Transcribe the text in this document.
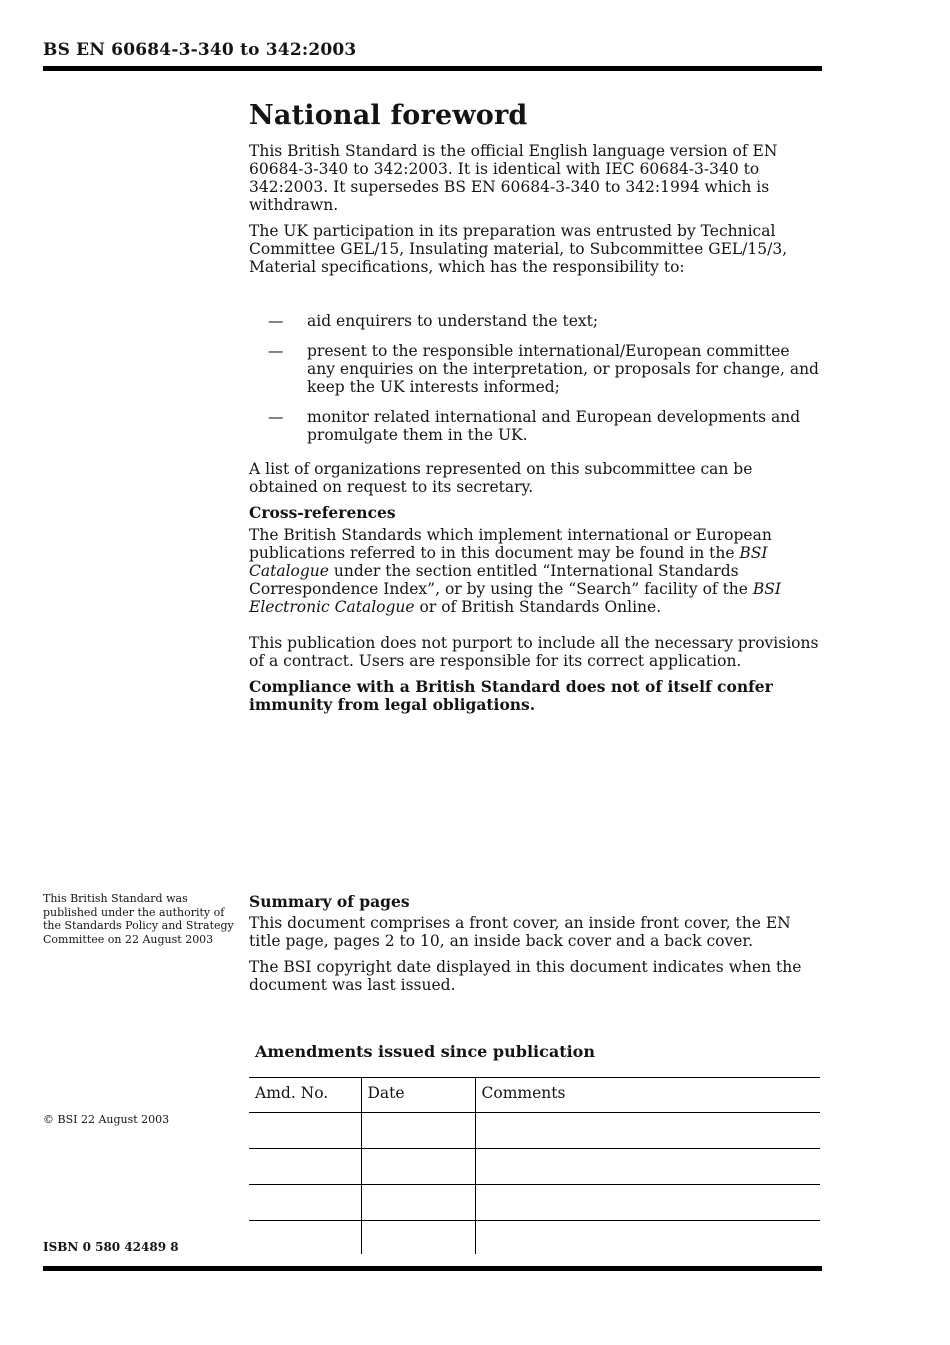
BS EN 60684-3-340 to 342:2003
National foreword

This British Standard is the official English language version of EN 60684-3-340 to 342:2003. It is identical with IEC 60684-3-340 to 342:2003. It supersedes BS EN 60684-3-340 to 342:1994 which is withdrawn.

The UK participation in its preparation was entrusted by Technical Committee GEL/15, Insulating material, to Subcommittee GEL/15/3, Material specifications, which has the responsibility to:

—	aid enquirers to understand the text;
—	present to the responsible international/European committee any enquiries on the interpretation, or proposals for change, and keep the UK interests informed;
—	monitor related international and European developments and promulgate them in the UK.

A list of organizations represented on this subcommittee can be obtained on request to its secretary.

Cross-references

The British Standards which implement international or European publications referred to in this document may be found in the BSI Catalogue under the section entitled “International Standards Correspondence Index”, or by using the “Search” facility of the BSI Electronic Catalogue or of British Standards Online.

This publication does not purport to include all the necessary provisions of a contract. Users are responsible for its correct application.

Compliance with a British Standard does not of itself confer immunity from legal obligations.

This British Standard was published under the authority of the Standards Policy and Strategy Committee on 22 August 2003
Summary of pages

This document comprises a front cover, an inside front cover, the EN title page, pages 2 to 10, an inside back cover and a back cover.

The BSI copyright date displayed in this document indicates when the document was last issued.

Amendments issued since publication
Amd. No.	Date	Comments

© BSI 22 August 2003
ISBN 0 580 42489 8
